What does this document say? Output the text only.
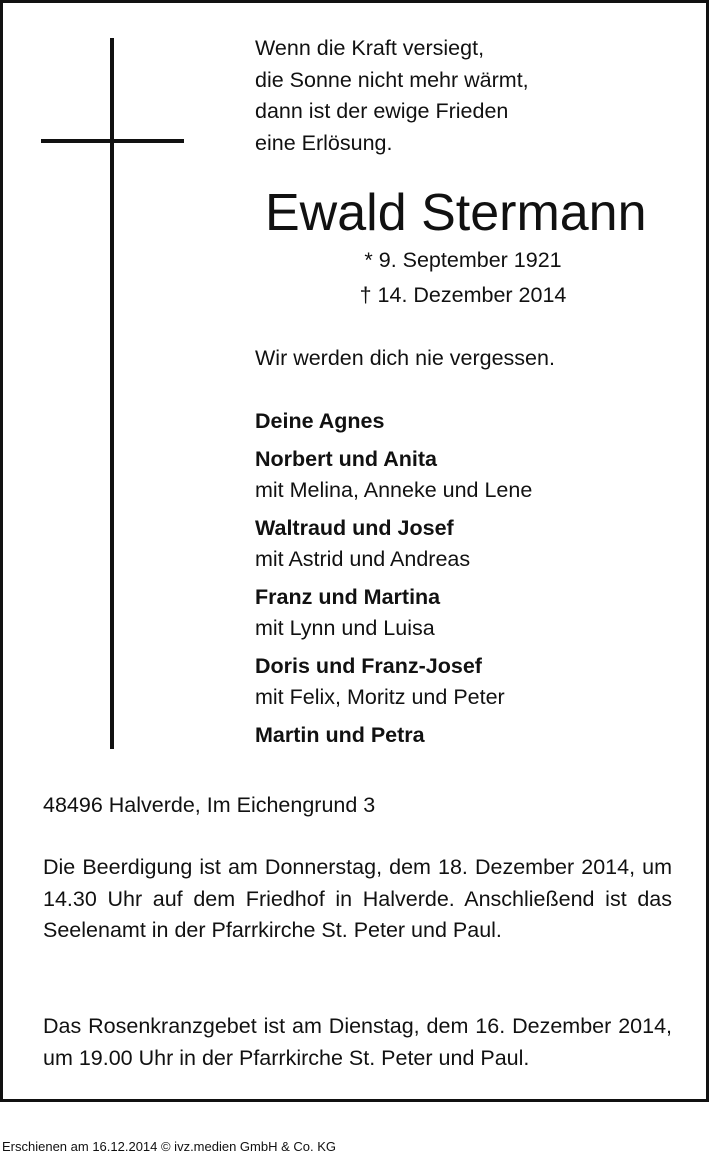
Wenn die Kraft versiegt,
die Sonne nicht mehr wärmt,
dann ist der ewige Frieden
eine Erlösung.
Ewald Stermann
* 9. September 1921
† 14. Dezember 2014
Wir werden dich nie vergessen.
Deine Agnes
Norbert und Anita
mit Melina, Anneke und Lene
Waltraud und Josef
mit Astrid und Andreas
Franz und Martina
mit Lynn und Luisa
Doris und Franz-Josef
mit Felix, Moritz und Peter
Martin und Petra
48496 Halverde, Im Eichengrund 3
Die Beerdigung ist am Donnerstag, dem 18. Dezember 2014, um 14.30 Uhr auf dem Friedhof in Halverde. Anschließend ist das Seelenamt in der Pfarrkirche St. Peter und Paul.
Das Rosenkranzgebet ist am Dienstag, dem 16. Dezember 2014, um 19.00 Uhr in der Pfarrkirche St. Peter und Paul.
Erschienen am 16.12.2014 © ivz.medien GmbH & Co. KG
